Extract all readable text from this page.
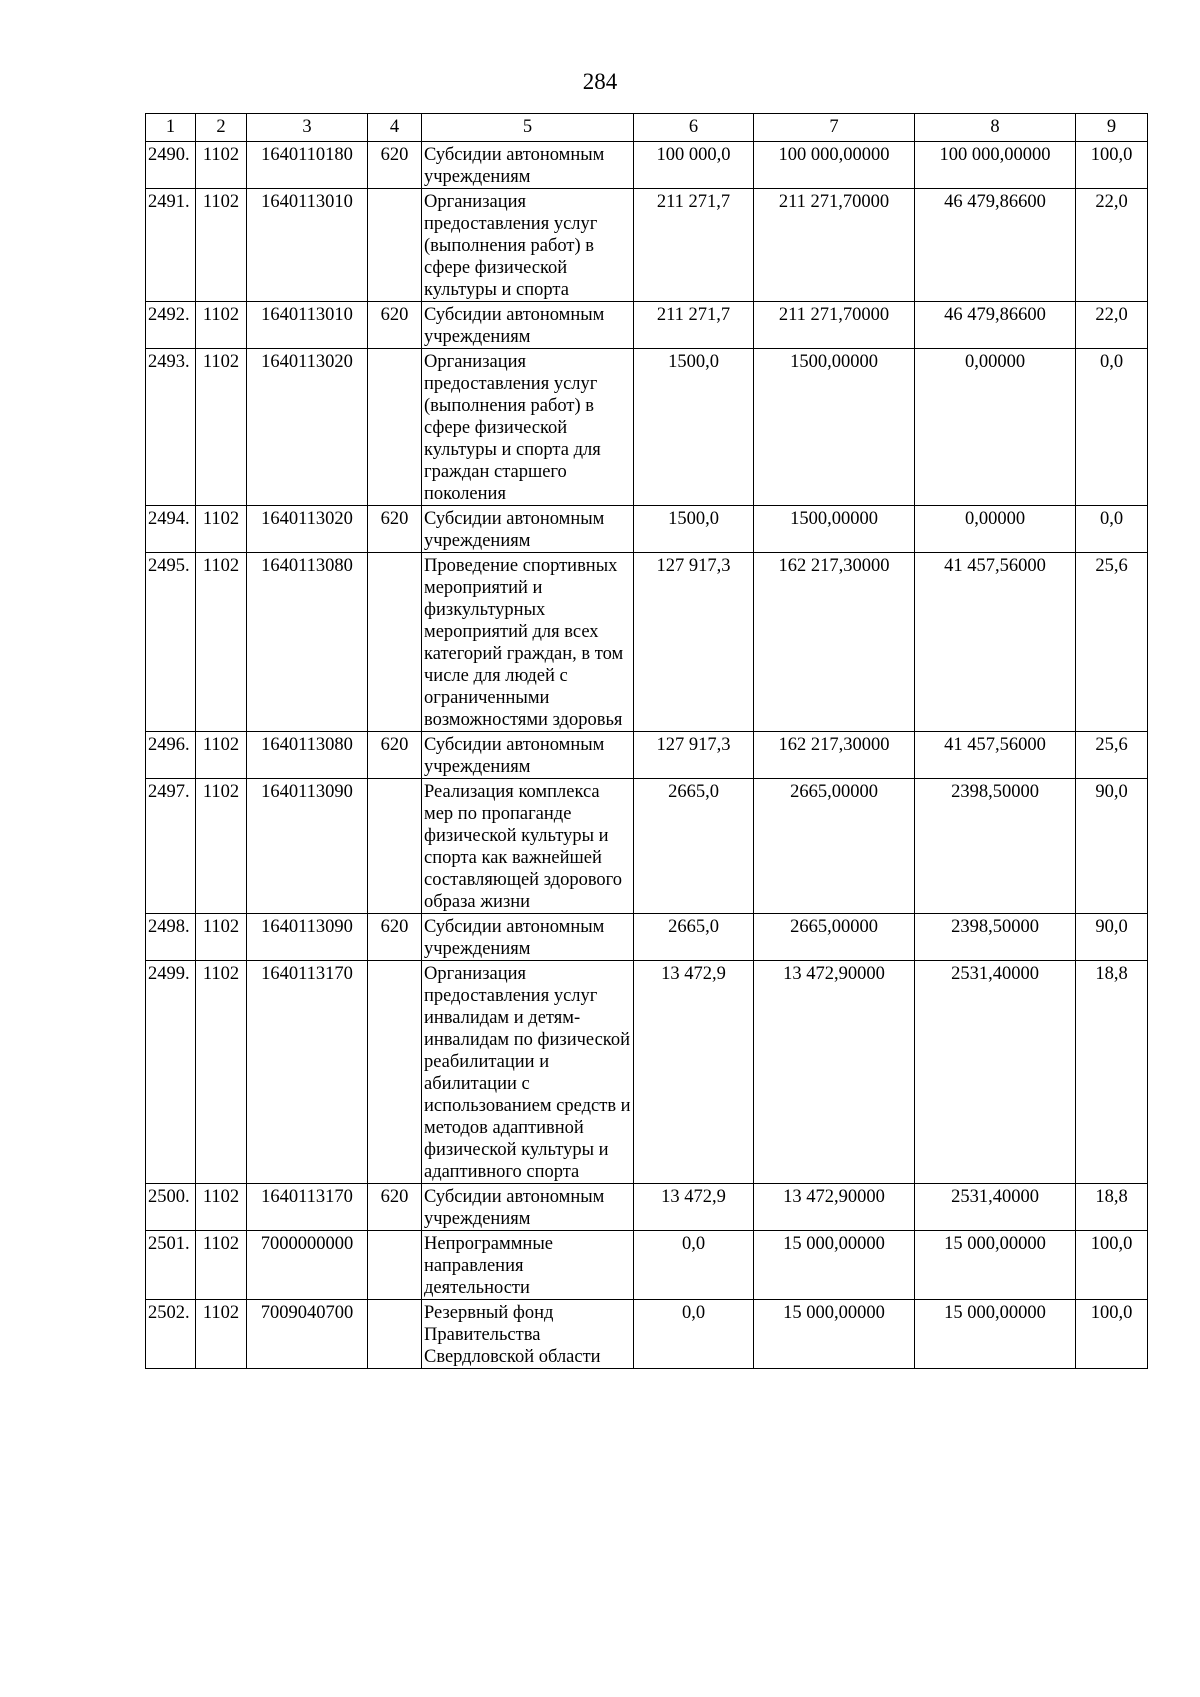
284
1	2	3	4	5	6	7	8	9
2490.	1102	1640110180	620	Субсидии автономным учреждениям	100 000,0	100 000,00000	100 000,00000	100,0
2491.	1102	1640113010		Организация предоставления услуг (выполнения работ) в сфере физической культуры и спорта	211 271,7	211 271,70000	46 479,86600	22,0
2492.	1102	1640113010	620	Субсидии автономным учреждениям	211 271,7	211 271,70000	46 479,86600	22,0
2493.	1102	1640113020		Организация предоставления услуг (выполнения работ) в сфере физической культуры и спорта для граждан старшего поколения	1500,0	1500,00000	0,00000	0,0
2494.	1102	1640113020	620	Субсидии автономным учреждениям	1500,0	1500,00000	0,00000	0,0
2495.	1102	1640113080		Проведение спортивных мероприятий и физкультурных мероприятий для всех категорий граждан, в том числе для людей с ограниченными возможностями здоровья	127 917,3	162 217,30000	41 457,56000	25,6
2496.	1102	1640113080	620	Субсидии автономным учреждениям	127 917,3	162 217,30000	41 457,56000	25,6
2497.	1102	1640113090		Реализация комплекса мер по пропаганде физической культуры и спорта как важнейшей составляющей здорового образа жизни	2665,0	2665,00000	2398,50000	90,0
2498.	1102	1640113090	620	Субсидии автономным учреждениям	2665,0	2665,00000	2398,50000	90,0
2499.	1102	1640113170		Организация предоставления услуг инвалидам и детям-инвалидам по физической реабилитации и абилитации с использованием средств и методов адаптивной физической культуры и адаптивного спорта	13 472,9	13 472,90000	2531,40000	18,8
2500.	1102	1640113170	620	Субсидии автономным учреждениям	13 472,9	13 472,90000	2531,40000	18,8
2501.	1102	7000000000		Непрограммные направления деятельности	0,0	15 000,00000	15 000,00000	100,0
2502.	1102	7009040700		Резервный фонд Правительства Свердловской области	0,0	15 000,00000	15 000,00000	100,0
